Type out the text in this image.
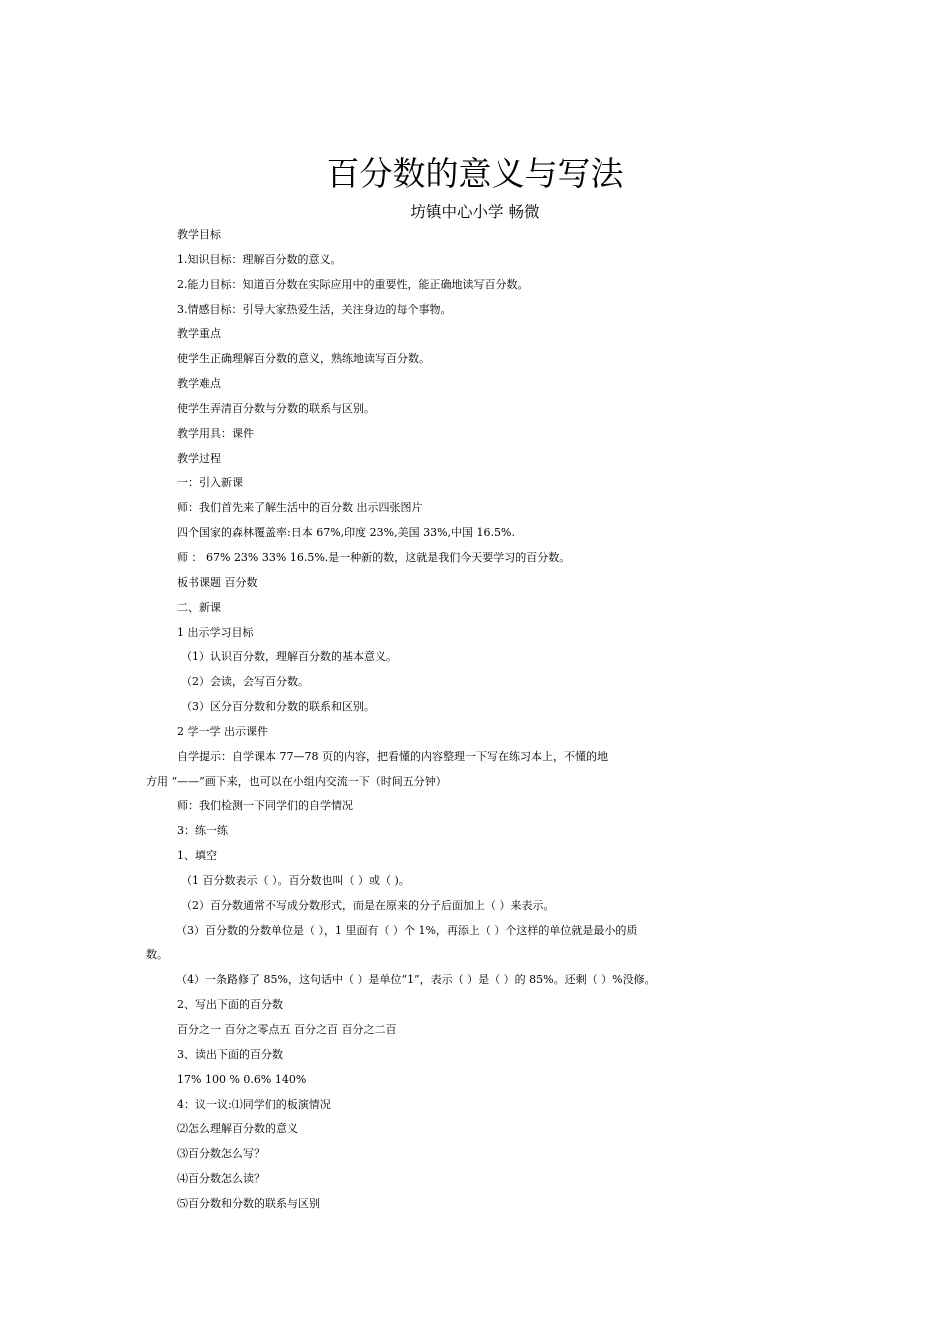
百分数的意义与写法
坊镇中心小学 畅微
教学目标
1.知识目标：理解百分数的意义。
2.能力目标：知道百分数在实际应用中的重要性，能正确地读写百分数。
3.情感目标：引导大家热爱生活，关注身边的每个事物。
教学重点
使学生正确理解百分数的意义，熟练地读写百分数。
教学难点
使学生弄清百分数与分数的联系与区别。
教学用具：课件
教学过程
一：引入新课
师：我们首先来了解生活中的百分数 出示四张图片
四个国家的森林覆盖率:日本 67%,印度 23%,美国 33%,中国 16.5%.
师 ： 67% 23% 33% 16.5%.是一种新的数，这就是我们今天要学习的百分数。
板书课题 百分数
二、新课
1 出示学习目标
（1）认识百分数，理解百分数的基本意义。
（2）会读，会写百分数。
（3）区分百分数和分数的联系和区别。
2 学一学 出示课件
自学提示：自学课本 77—78 页的内容，把看懂的内容整理一下写在练习本上，不懂的地
方用 “——”画下来，也可以在小组内交流一下（时间五分钟）
师：我们检测一下同学们的自学情况
3：练一练
1、填空
（1 百分数表示（ ）。百分数也叫（ ）或（ )。
（2）百分数通常不写成分数形式，而是在原来的分子后面加上（ ）来表示。
（3）百分数的分数单位是（ ），1 里面有（ ）个 1%，再添上（ ）个这样的单位就是最小的质
数。
（4）一条路修了 85%，这句话中（ ）是单位“1”，表示（ ）是（ ）的 85%。还剩（ ）%没修。
2、写出下面的百分数
百分之一 百分之零点五 百分之百 百分之二百
3、读出下面的百分数
17% 100 % 0.6% 140%
4：议一议:⑴同学们的板演情况
⑵怎么理解百分数的意义
⑶百分数怎么写？
⑷百分数怎么读？
⑸百分数和分数的联系与区别
